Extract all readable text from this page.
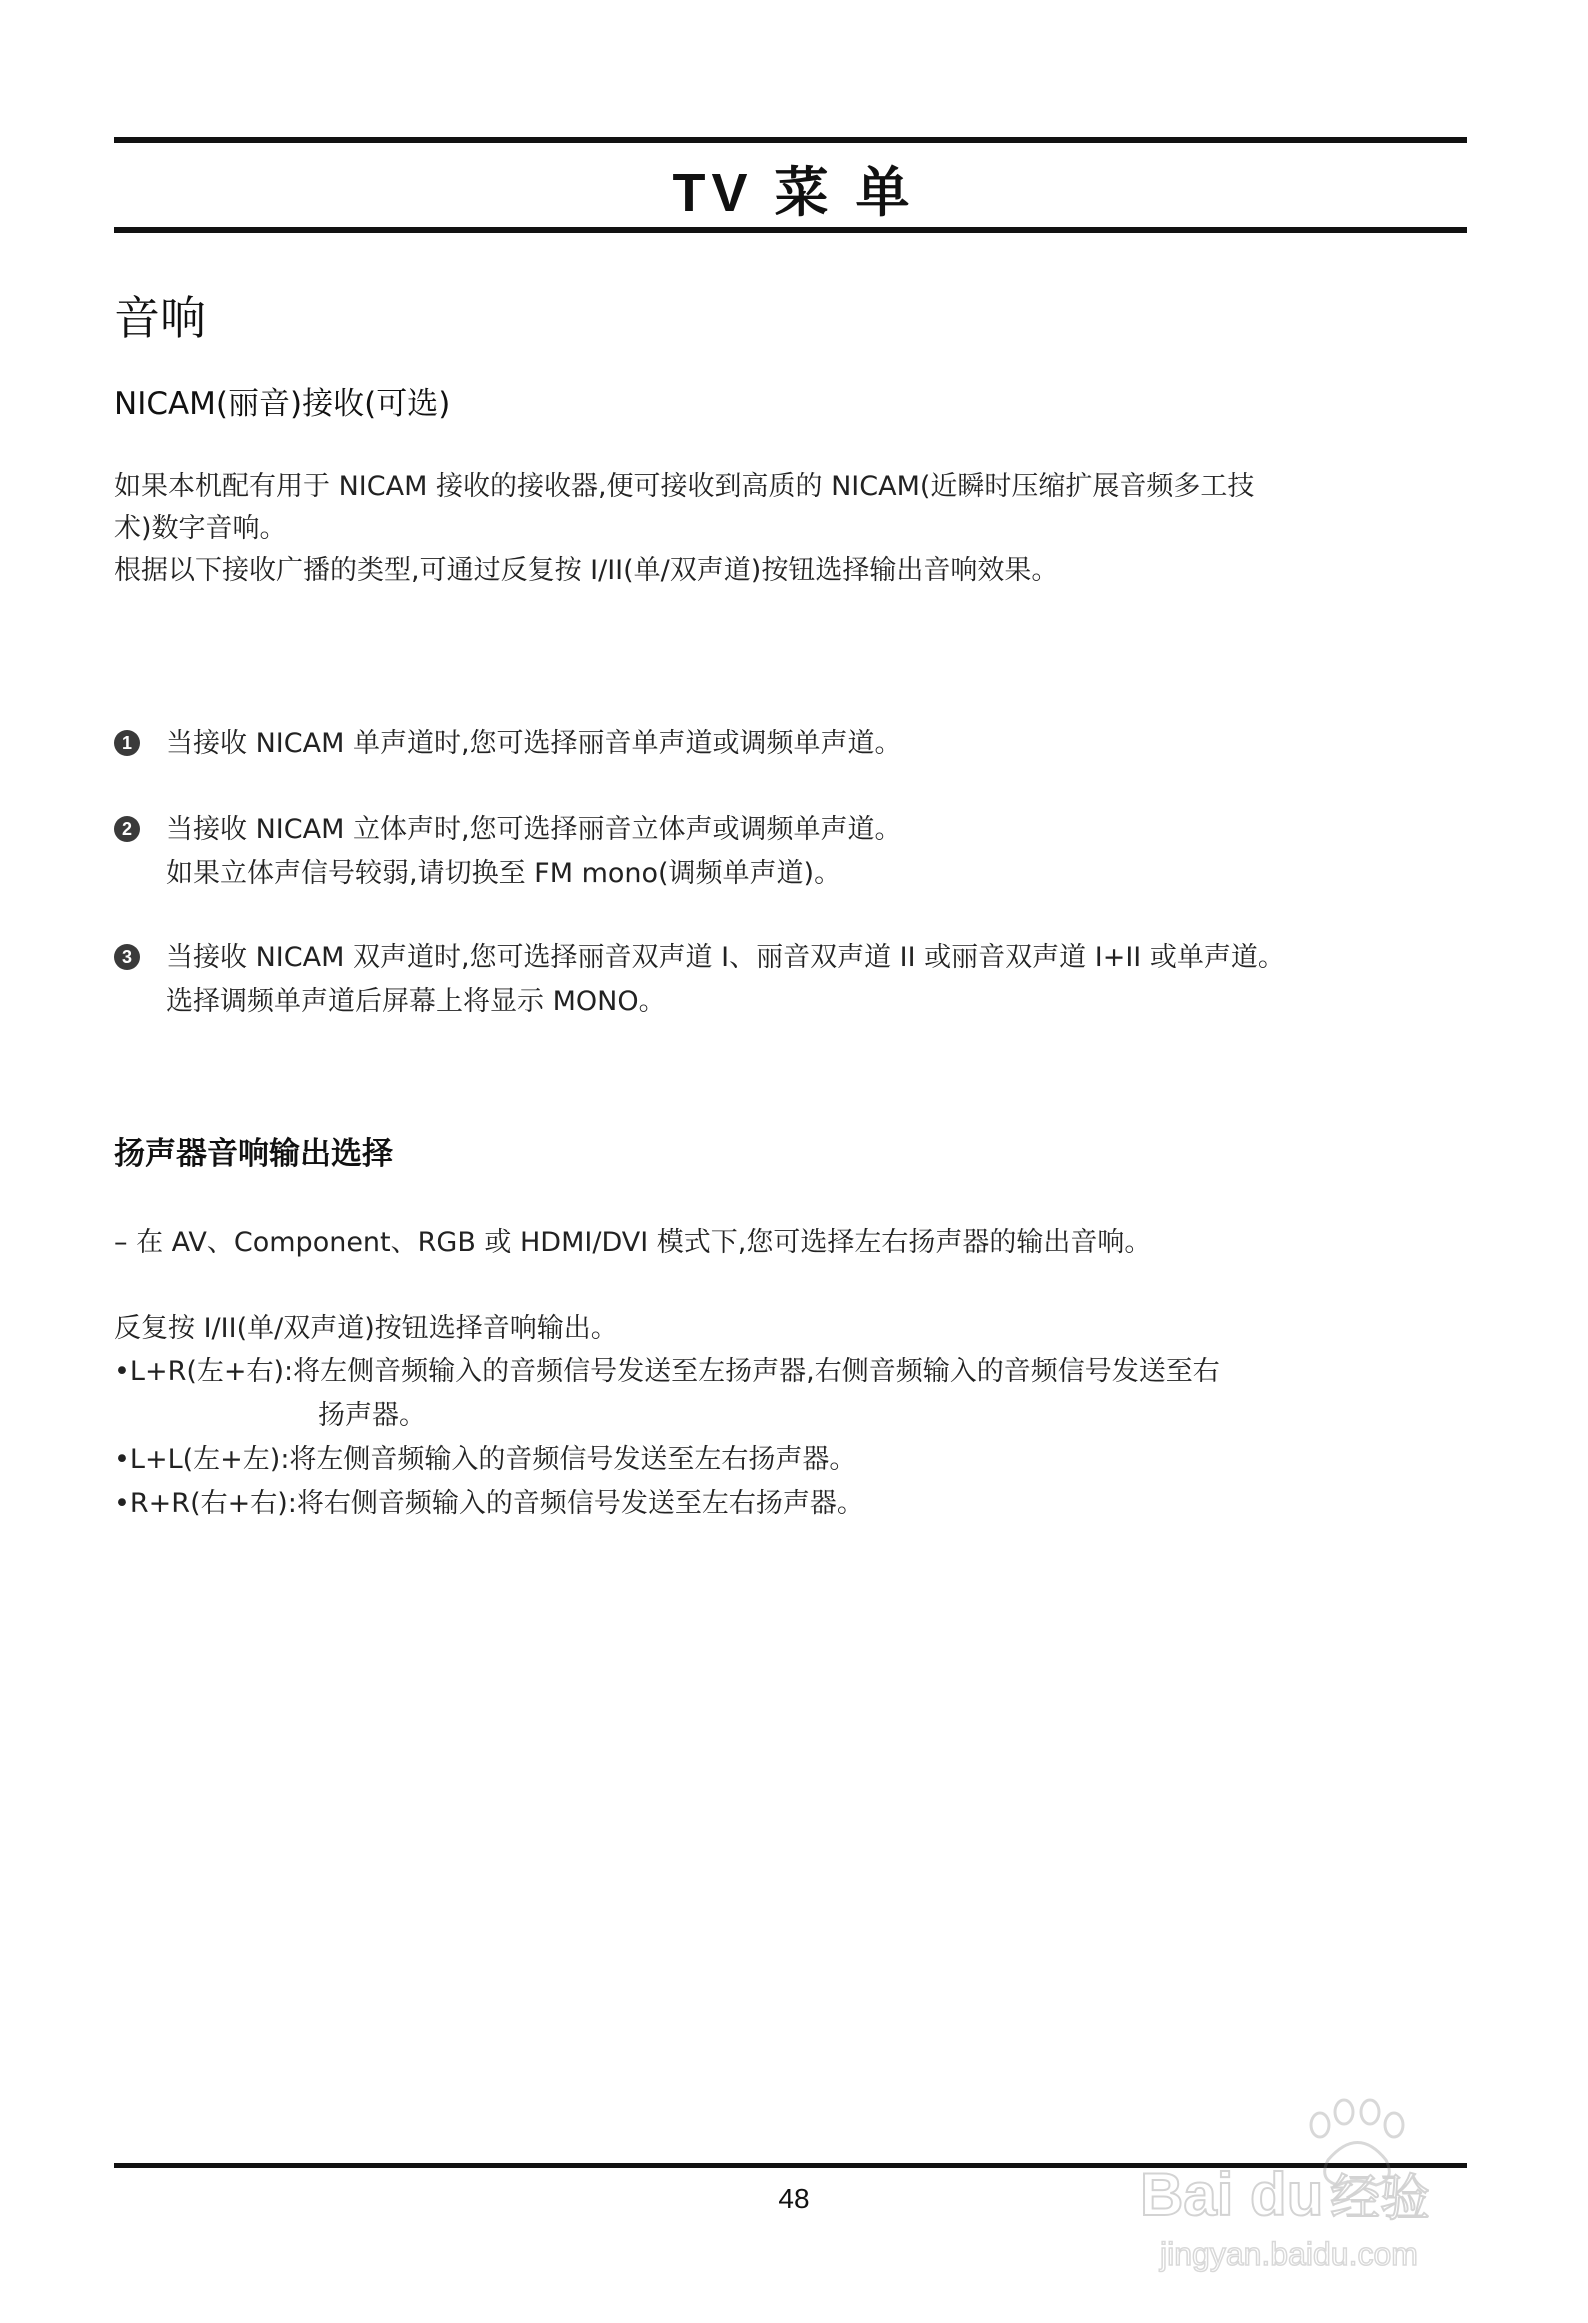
TV 菜 单
音响
NICAM(丽音)接收(可选)
如果本机配有用于 NICAM 接收的接收器,便可接收到高质的 NICAM(近瞬时压缩扩展音频多工技
术)数字音响。
根据以下接收广播的类型,可通过反复按 I/II(单/双声道)按钮选择输出音响效果。
1 当接收 NICAM 单声道时,您可选择丽音单声道或调频单声道。
2 当接收 NICAM 立体声时,您可选择丽音立体声或调频单声道。
如果立体声信号较弱,请切换至 FM mono(调频单声道)。
3 当接收 NICAM 双声道时,您可选择丽音双声道 I、丽音双声道 II 或丽音双声道 I+II 或单声道。
选择调频单声道后屏幕上将显示 MONO。
扬声器音响输出选择
– 在 AV、Component、RGB 或 HDMI/DVI 模式下,您可选择左右扬声器的输出音响。
反复按 I/II(单/双声道)按钮选择音响输出。
•L+R(左+右):将左侧音频输入的音频信号发送至左扬声器,右侧音频输入的音频信号发送至右
扬声器。
•L+L(左+左):将左侧音频输入的音频信号发送至左右扬声器。
•R+R(右+右):将右侧音频输入的音频信号发送至左右扬声器。
48	Bai du 经验
jingyan.baidu.com
